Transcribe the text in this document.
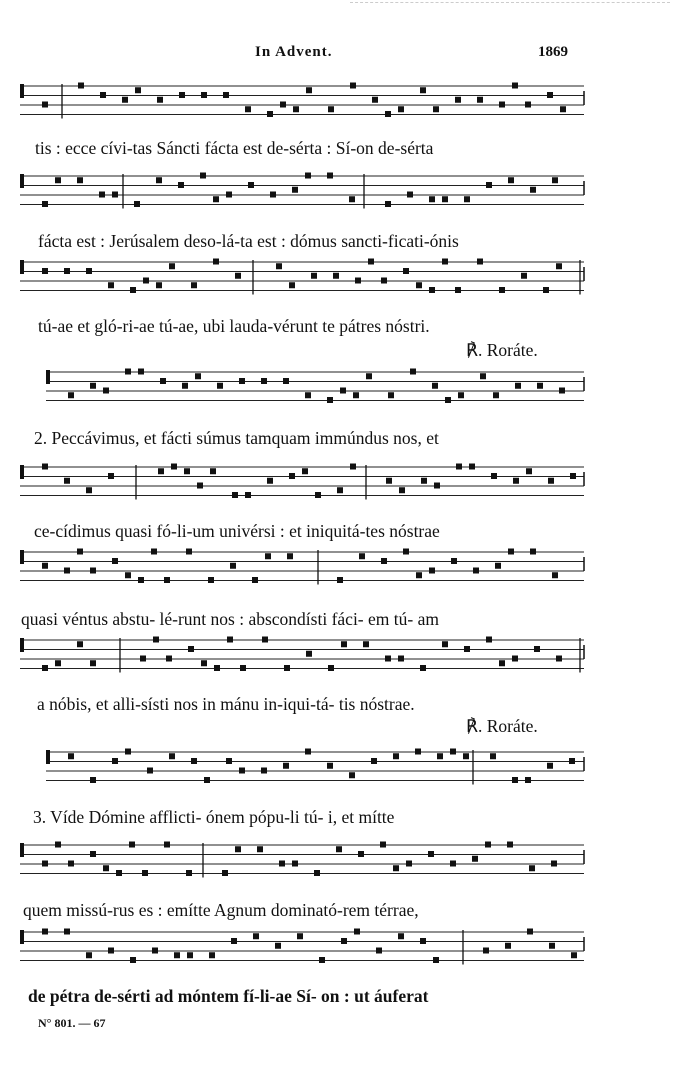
In Advent.	1869
tis : ecce cívi-tas Sáncti fácta est de-sérta : Sí-on de-sérta
fácta est : Jerúsalem deso-lá-ta est : dómus sancti-ficati-ónis
tú-ae et gló-ri-ae tú-ae, ubi lauda-vérunt te pátres nóstri.
℟. Roráte.
2. Peccávimus, et fácti súmus tamquam immúndus nos, et
ce-cídimus quasi fó-li-um univérsi : et iniquitá-tes nóstrae
quasi véntus abstu- lé-runt nos : abscondísti fáci- em tú- am
a nóbis, et alli-sísti nos in mánu in-iqui-tá- tis nóstrae.
℟. Roráte.
3. Víde Dómine afflicti- ónem pópu-li tú- i, et mítte
quem missú-rus es : emítte Agnum dominató-rem térrae,
de pétra de-sérti ad móntem fí-li-ae Sí- on : ut áuferat
N° 801. — 67
